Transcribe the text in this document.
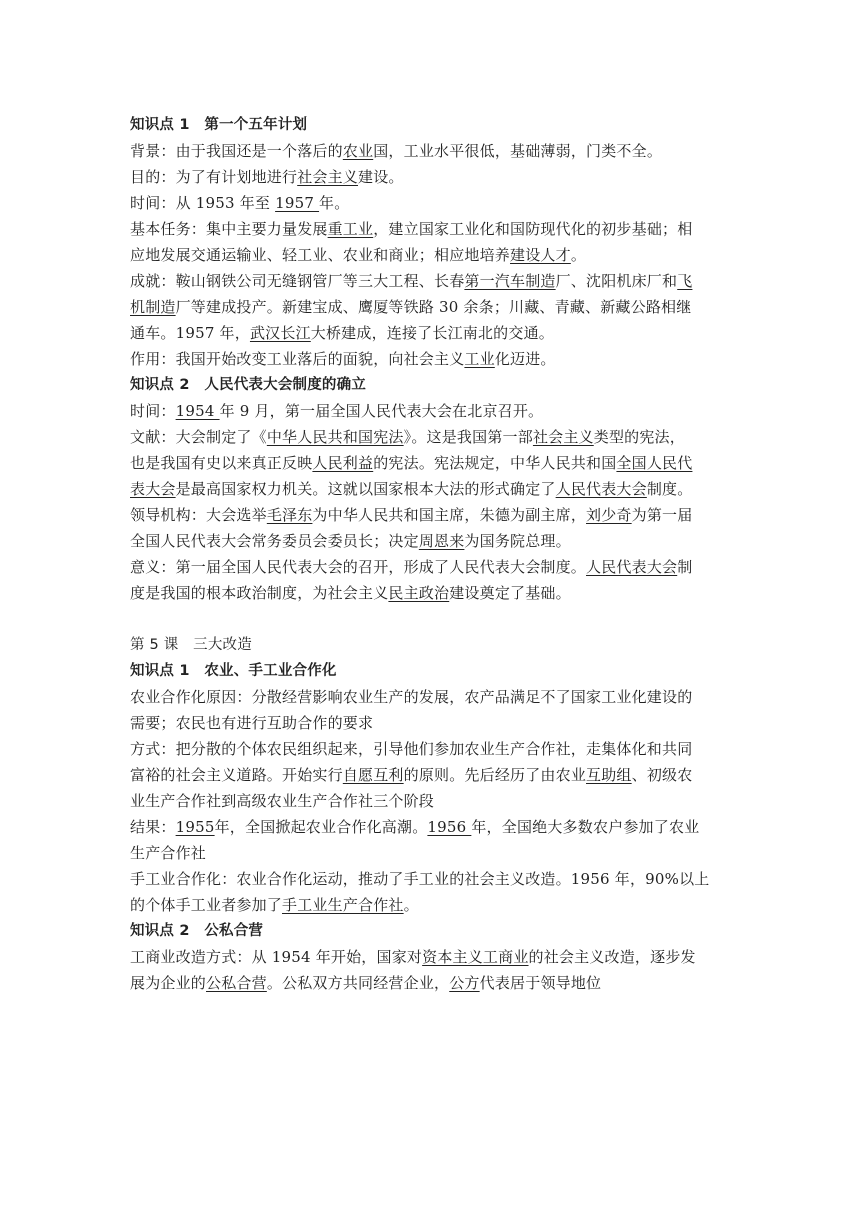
知识点 1　第一个五年计划
背景：由于我国还是一个落后的农业国，工业水平很低，基础薄弱，门类不全。
目的：为了有计划地进行社会主义建设。
时间：从 1953 年至 1957 年。
基本任务：集中主要力量发展重工业，建立国家工业化和国防现代化的初步基础；相
应地发展交通运输业、轻工业、农业和商业；相应地培养建设人才。
成就：鞍山钢铁公司无缝钢管厂等三大工程、长春第一汽车制造厂、沈阳机床厂和飞
机制造厂等建成投产。新建宝成、鹰厦等铁路 30 余条；川藏、青藏、新藏公路相继
通车。1957 年，武汉长江大桥建成，连接了长江南北的交通。
作用：我国开始改变工业落后的面貌，向社会主义工业化迈进。
知识点 2　人民代表大会制度的确立
时间：1954 年 9 月，第一届全国人民代表大会在北京召开。
文献：大会制定了《中华人民共和国宪法》。这是我国第一部社会主义类型的宪法，
也是我国有史以来真正反映人民利益的宪法。宪法规定，中华人民共和国全国人民代
表大会是最高国家权力机关。这就以国家根本大法的形式确定了人民代表大会制度。
领导机构：大会选举毛泽东为中华人民共和国主席，朱德为副主席，刘少奇为第一届
全国人民代表大会常务委员会委员长；决定周恩来为国务院总理。
意义：第一届全国人民代表大会的召开，形成了人民代表大会制度。人民代表大会制
度是我国的根本政治制度，为社会主义民主政治建设奠定了基础。
第 5 课　三大改造
知识点 1　农业、手工业合作化
农业合作化原因：分散经营影响农业生产的发展，农产品满足不了国家工业化建设的
需要；农民也有进行互助合作的要求
方式：把分散的个体农民组织起来，引导他们参加农业生产合作社，走集体化和共同
富裕的社会主义道路。开始实行自愿互利的原则。先后经历了由农业互助组、初级农
业生产合作社到高级农业生产合作社三个阶段
结果：1955年，全国掀起农业合作化高潮。1956 年，全国绝大多数农户参加了农业
生产合作社
手工业合作化：农业合作化运动，推动了手工业的社会主义改造。1956 年，90%以上
的个体手工业者参加了手工业生产合作社。
知识点 2　公私合营
工商业改造方式：从 1954 年开始，国家对资本主义工商业的社会主义改造，逐步发
展为企业的公私合营。公私双方共同经营企业，公方代表居于领导地位
